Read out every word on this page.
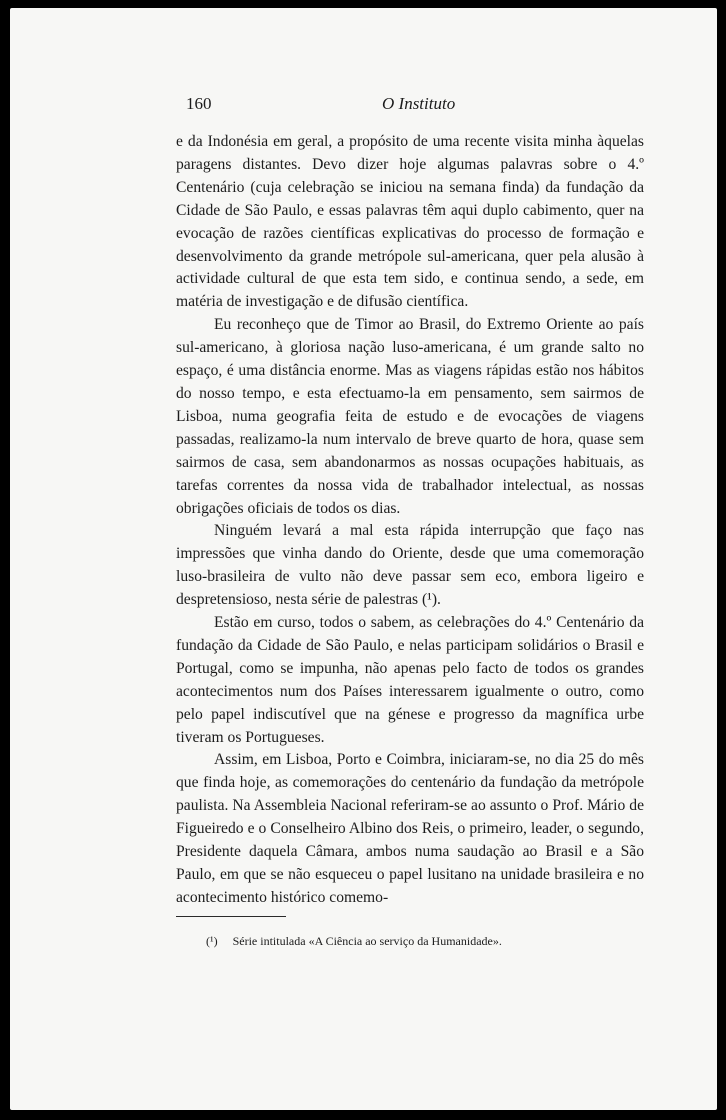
160	O Instituto

e da Indonésia em geral, a propósito de uma recente visita minha àquelas paragens distantes. Devo dizer hoje algumas palavras sobre o 4.º Centenário (cuja celebração se iniciou na semana finda) da fundação da Cidade de São Paulo, e essas palavras têm aqui duplo cabimento, quer na evocação de razões científicas explicativas do processo de formação e desenvolvimento da grande metrópole sul-americana, quer pela alusão à actividade cultural de que esta tem sido, e continua sendo, a sede, em matéria de investigação e de difusão científica.

Eu reconheço que de Timor ao Brasil, do Extremo Oriente ao país sul-americano, à gloriosa nação luso-americana, é um grande salto no espaço, é uma distância enorme. Mas as viagens rápidas estão nos hábitos do nosso tempo, e esta efectuamo-la em pensamento, sem sairmos de Lisboa, numa geografia feita de estudo e de evocações de viagens passadas, realizamo-la num intervalo de breve quarto de hora, quase sem sairmos de casa, sem abandonarmos as nossas ocupações habituais, as tarefas correntes da nossa vida de trabalhador intelectual, as nossas obrigações oficiais de todos os dias.

Ninguém levará a mal esta rápida interrupção que faço nas impressões que vinha dando do Oriente, desde que uma comemoração luso-brasileira de vulto não deve passar sem eco, embora ligeiro e despretensioso, nesta série de palestras (¹).

Estão em curso, todos o sabem, as celebrações do 4.º Centenário da fundação da Cidade de São Paulo, e nelas participam solidários o Brasil e Portugal, como se impunha, não apenas pelo facto de todos os grandes acontecimentos num dos Países interessarem igualmente o outro, como pelo papel indiscutível que na génese e progresso da magnífica urbe tiveram os Portugueses.

Assim, em Lisboa, Porto e Coimbra, iniciaram-se, no dia 25 do mês que finda hoje, as comemorações do centenário da fundação da metrópole paulista. Na Assembleia Nacional referiram-se ao assunto o Prof. Mário de Figueiredo e o Conselheiro Albino dos Reis, o primeiro, leader, o segundo, Presidente daquela Câmara, ambos numa saudação ao Brasil e a São Paulo, em que se não esqueceu o papel lusitano na unidade brasileira e no acontecimento histórico comemo-

(¹) Série intitulada «A Ciência ao serviço da Humanidade».
